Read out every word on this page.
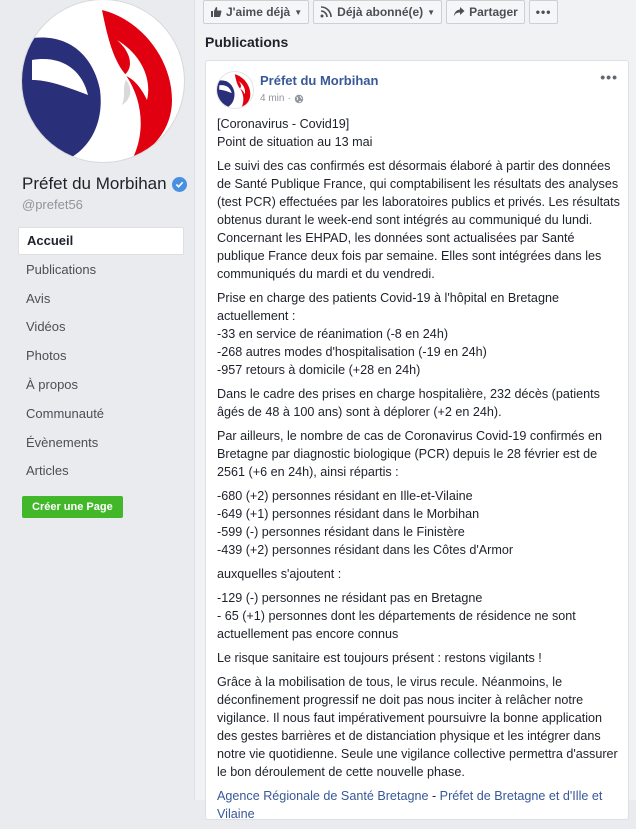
Préfet du Morbihan
@prefet56
Accueil
Publications
Avis
Vidéos
Photos
À propos
Communauté
Évènements
Articles
Créer une Page
J'aime déjà ▼	Déjà abonné(e) ▼	Partager •••
Publications
Préfet du Morbihan
4 min ·
•••

[Coronavirus - Covid19]
Point de situation au 13 mai

Le suivi des cas confirmés est désormais élaboré à partir des données de Santé Publique France, qui comptabilisent les résultats des analyses (test PCR) effectuées par les laboratoires publics et privés. Les résultats obtenus durant le week-end sont intégrés au communiqué du lundi. Concernant les EHPAD, les données sont actualisées par Santé publique France deux fois par semaine. Elles sont intégrées dans les communiqués du mardi et du vendredi.

Prise en charge des patients Covid-19 à l'hôpital en Bretagne actuellement :
-33 en service de réanimation (-8 en 24h)
-268 autres modes d'hospitalisation (-19 en 24h)
-957 retours à domicile (+28 en 24h)

Dans le cadre des prises en charge hospitalière, 232 décès (patients âgés de 48 à 100 ans) sont à déplorer (+2 en 24h).

Par ailleurs, le nombre de cas de Coronavirus Covid-19 confirmés en Bretagne par diagnostic biologique (PCR) depuis le 28 février est de 2561 (+6 en 24h), ainsi répartis :

-680 (+2) personnes résidant en Ille-et-Vilaine
-649 (+1) personnes résidant dans le Morbihan
-599 (-) personnes résidant dans le Finistère
-439 (+2) personnes résidant dans les Côtes d'Armor

auxquelles s'ajoutent :

-129 (-) personnes ne résidant pas en Bretagne
- 65 (+1) personnes dont les départements de résidence ne sont actuellement pas encore connus

Le risque sanitaire est toujours présent : restons vigilants !

Grâce à la mobilisation de tous, le virus recule. Néanmoins, le déconfinement progressif ne doit pas nous inciter à relâcher notre vigilance. Il nous faut impérativement poursuivre la bonne application des gestes barrières et de distanciation physique et les intégrer dans notre vie quotidienne. Seule une vigilance collective permettra d'assurer le bon déroulement de cette nouvelle phase.

Agence Régionale de Santé Bretagne - Préfet de Bretagne et d'Ille et Vilaine
